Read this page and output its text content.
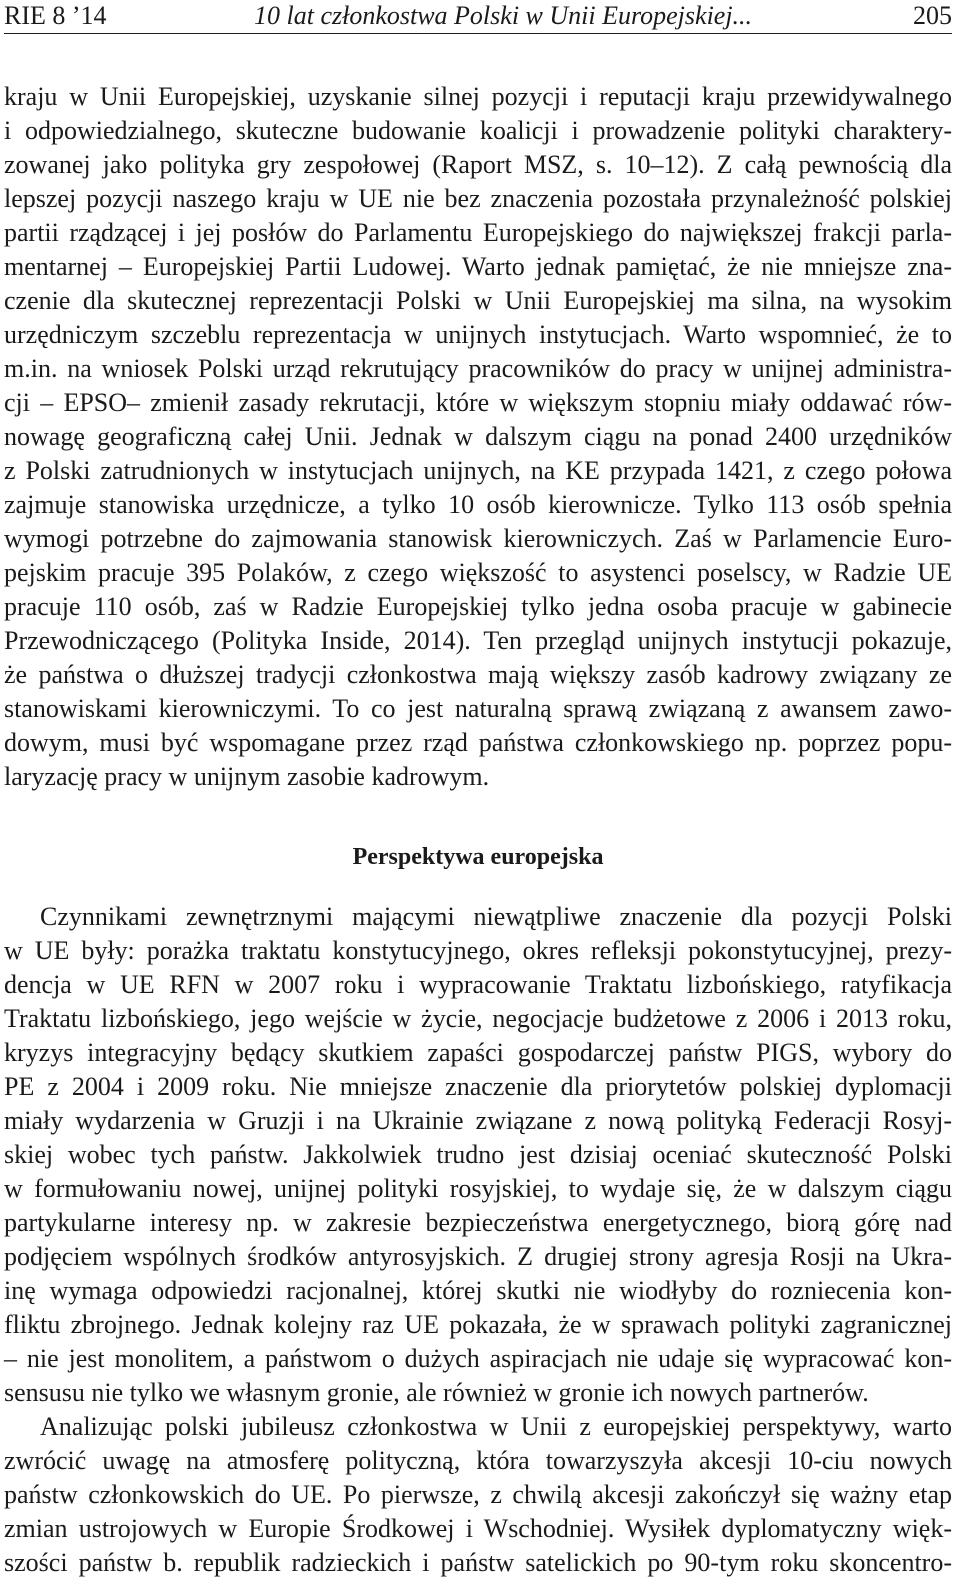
RIE 8 ’14	10 lat członkostwa Polski w Unii Europejskiej...	205

kraju w Unii Europejskiej, uzyskanie silnej pozycji i reputacji kraju przewidywalnego

i odpowiedzialnego, skuteczne budowanie koalicji i prowadzenie polityki charaktery-

zowanej jako polityka gry zespołowej (Raport MSZ, s. 10–12). Z całą pewnością dla

lepszej pozycji naszego kraju w UE nie bez znaczenia pozostała przynależność polskiej

partii rządzącej i jej posłów do Parlamentu Europejskiego do największej frakcji parla-

mentarnej – Europejskiej Partii Ludowej. Warto jednak pamiętać, że nie mniejsze zna-

czenie dla skutecznej reprezentacji Polski w Unii Europejskiej ma silna, na wysokim

urzędniczym szczeblu reprezentacja w unijnych instytucjach. Warto wspomnieć, że to

m.in. na wniosek Polski urząd rekrutujący pracowników do pracy w unijnej administra-

cji – EPSO– zmienił zasady rekrutacji, które w większym stopniu miały oddawać rów-

nowagę geograficzną całej Unii. Jednak w dalszym ciągu na ponad 2400 urzędników

z Polski zatrudnionych w instytucjach unijnych, na KE przypada 1421, z czego połowa

zajmuje stanowiska urzędnicze, a tylko 10 osób kierownicze. Tylko 113 osób spełnia

wymogi potrzebne do zajmowania stanowisk kierowniczych. Zaś w Parlamencie Euro-

pejskim pracuje 395 Polaków, z czego większość to asystenci poselscy, w Radzie UE

pracuje 110 osób, zaś w Radzie Europejskiej tylko jedna osoba pracuje w gabinecie

Przewodniczącego (Polityka Inside, 2014). Ten przegląd unijnych instytucji pokazuje,

że państwa o dłuższej tradycji członkostwa mają większy zasób kadrowy związany ze

stanowiskami kierowniczymi. To co jest naturalną sprawą związaną z awansem zawo-

dowym, musi być wspomagane przez rząd państwa członkowskiego np. poprzez popu-

laryzację pracy w unijnym zasobie kadrowym.

Perspektywa europejska

Czynnikami zewnętrznymi mającymi niewątpliwe znaczenie dla pozycji Polski

w UE były: porażka traktatu konstytucyjnego, okres refleksji pokonstytucyjnej, prezy-

dencja w UE RFN w 2007 roku i wypracowanie Traktatu lizbońskiego, ratyfikacja

Traktatu lizbońskiego, jego wejście w życie, negocjacje budżetowe z 2006 i 2013 roku,

kryzys integracyjny będący skutkiem zapaści gospodarczej państw PIGS, wybory do

PE z 2004 i 2009 roku. Nie mniejsze znaczenie dla priorytetów polskiej dyplomacji

miały wydarzenia w Gruzji i na Ukrainie związane z nową polityką Federacji Rosyj-

skiej wobec tych państw. Jakkolwiek trudno jest dzisiaj oceniać skuteczność Polski

w formułowaniu nowej, unijnej polityki rosyjskiej, to wydaje się, że w dalszym ciągu

partykularne interesy np. w zakresie bezpieczeństwa energetycznego, biorą górę nad

podjęciem wspólnych środków antyrosyjskich. Z drugiej strony agresja Rosji na Ukra-

inę wymaga odpowiedzi racjonalnej, której skutki nie wiodłyby do rozniecenia kon-

fliktu zbrojnego. Jednak kolejny raz UE pokazała, że w sprawach polityki zagranicznej

– nie jest monolitem, a państwom o dużych aspiracjach nie udaje się wypracować kon-

sensusu nie tylko we własnym gronie, ale również w gronie ich nowych partnerów.

Analizując polski jubileusz członkostwa w Unii z europejskiej perspektywy, warto

zwrócić uwagę na atmosferę polityczną, która towarzyszyła akcesji 10-ciu nowych

państw członkowskich do UE. Po pierwsze, z chwilą akcesji zakończył się ważny etap

zmian ustrojowych w Europie Środkowej i Wschodniej. Wysiłek dyplomatyczny więk-

szości państw b. republik radzieckich i państw satelickich po 90-tym roku skoncentro-
